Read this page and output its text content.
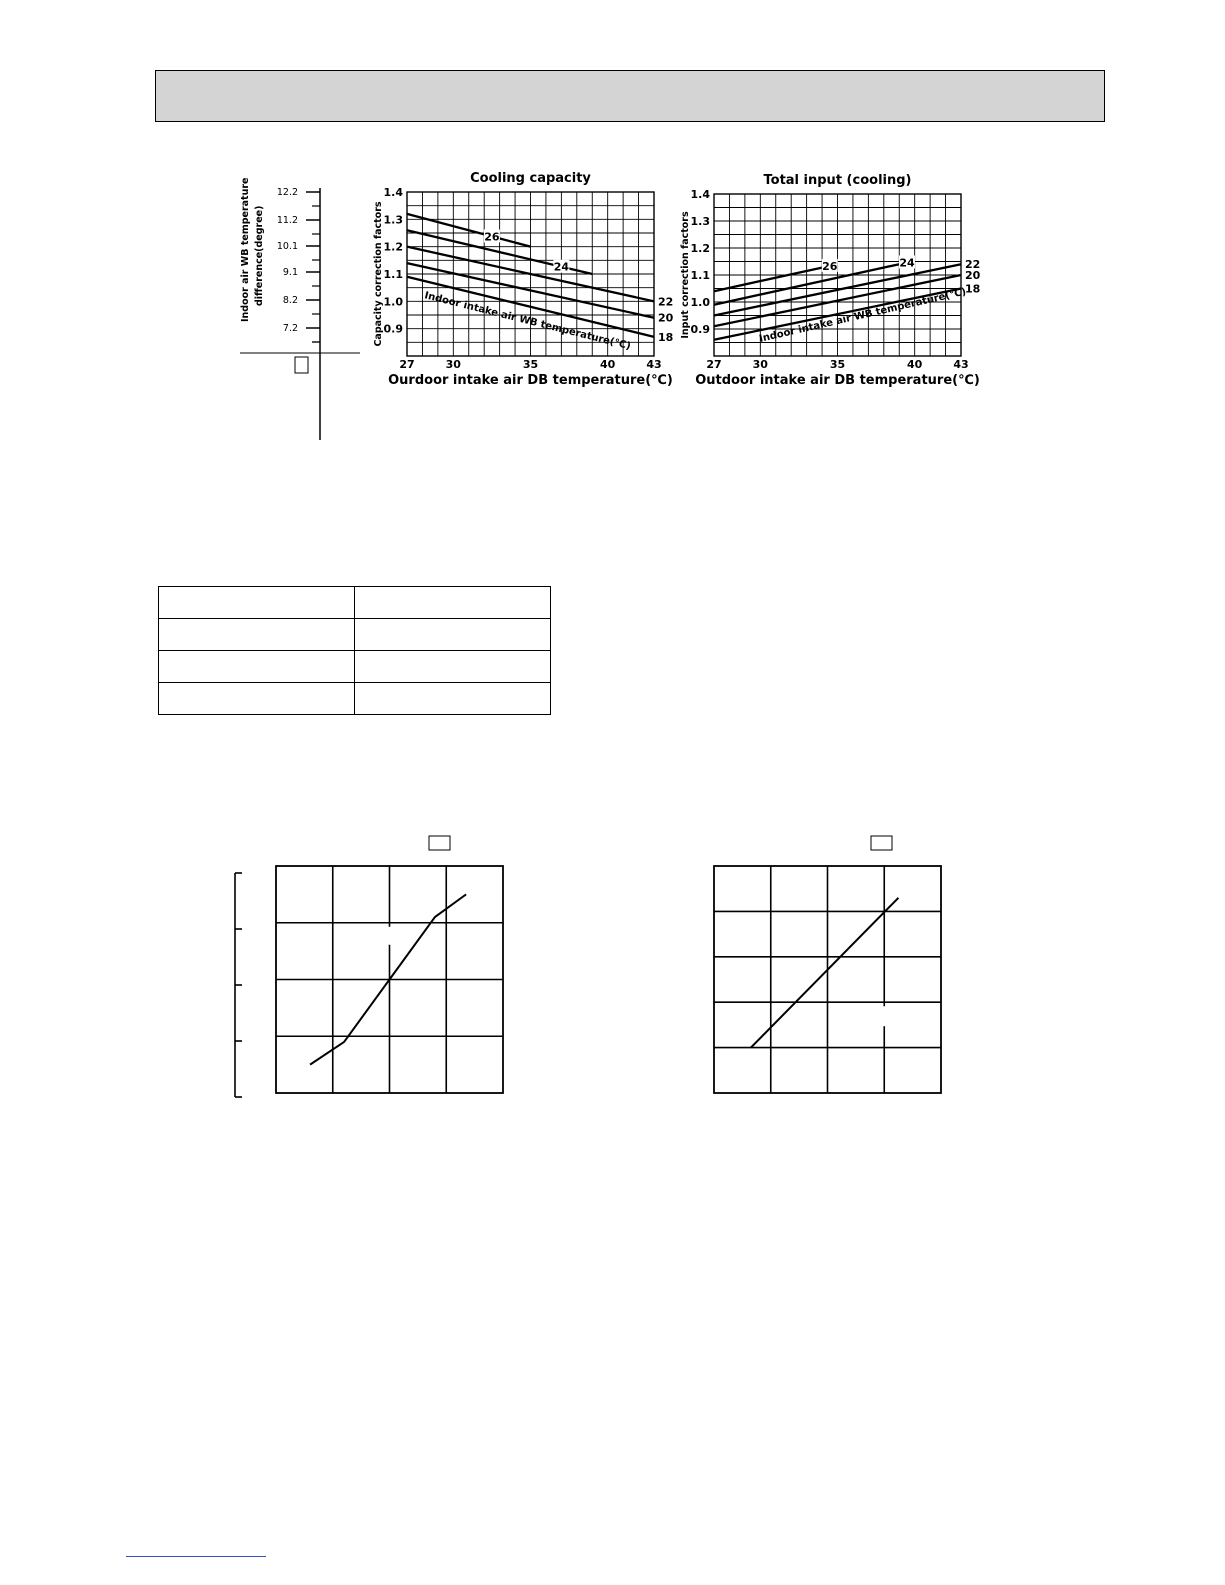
Indoor air WB temperature difference(degree)
12.2
11.2
10.1
9.1
8.2
7.2
Cooling capacity
27	30	35	40	43
1.4
1.3
1.2
1.1
1.0
0.9
Ourdoor intake air DB temperature(℃)
Capacity correction factors	26
24
22
20
18
Indoor intake air WB temperature(℃)
Total input (cooling)
27	30	35	40	43
1.4
1.3
1.2
1.1
1.0
0.9
Outdoor intake air DB temperature(℃)
Input correction factors	26	24	22
20
18
Indoor intake air WB temperature(℃)
